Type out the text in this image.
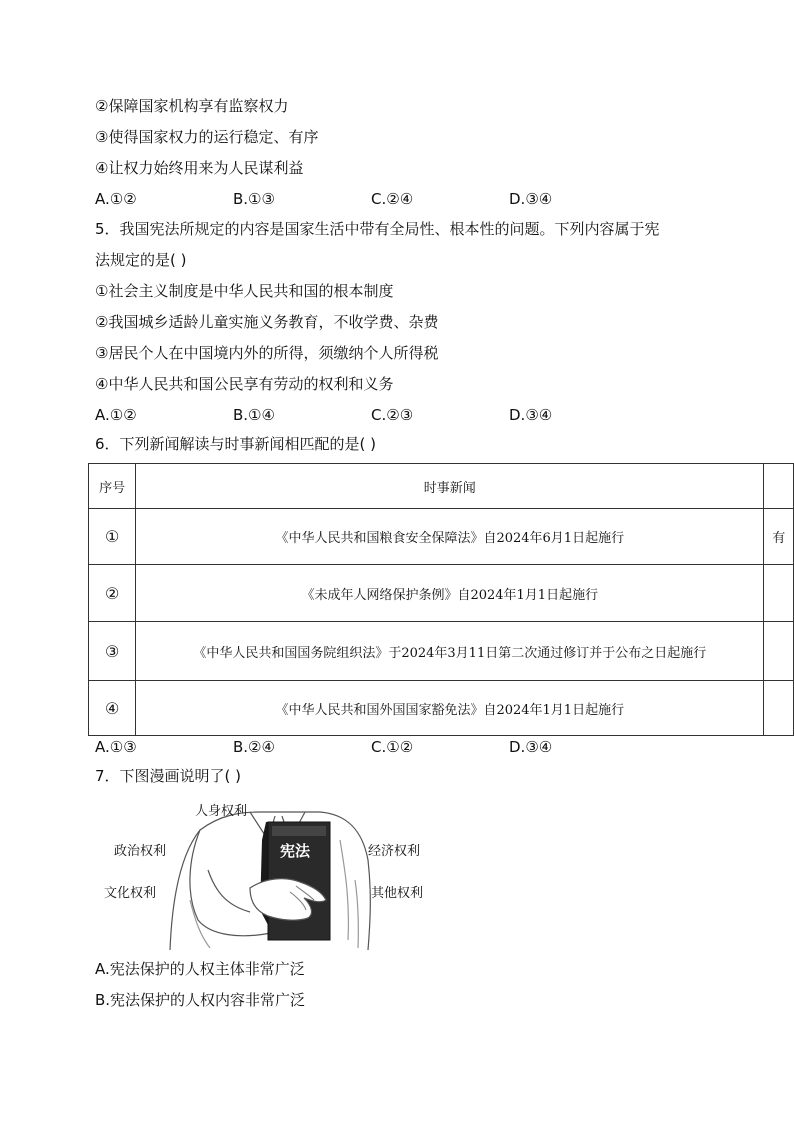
②保障国家机构享有监察权力
③使得国家权力的运行稳定、有序
④让权力始终用来为人民谋利益
A.①②	B.①③	C.②④	D.③④
5．我国宪法所规定的内容是国家生活中带有全局性、根本性的问题。下列内容属于宪
法规定的是( )
①社会主义制度是中华人民共和国的根本制度
②我国城乡适龄儿童实施义务教育，不收学费、杂费
③居民个人在中国境内外的所得，须缴纳个人所得税
④中华人民共和国公民享有劳动的权利和义务
A.①②	B.①④	C.②③	D.③④
6．下列新闻解读与时事新闻相匹配的是( )
序号	时事新闻	
①	《中华人民共和国粮食安全保障法》自2024年6月1日起施行	有
②	《未成年人网络保护条例》自2024年1月1日起施行	
③	《中华人民共和国国务院组织法》于2024年3月11日第二次通过修订并于公布之日起施行	
④	《中华人民共和国外国国家豁免法》自2024年1月1日起施行	
A.①③	B.②④	C.①②	D.③④
7．下图漫画说明了( )
人身权利
政治权利
文化权利
经济权利
其他权利
宪法
A.宪法保护的人权主体非常广泛
B.宪法保护的人权内容非常广泛
